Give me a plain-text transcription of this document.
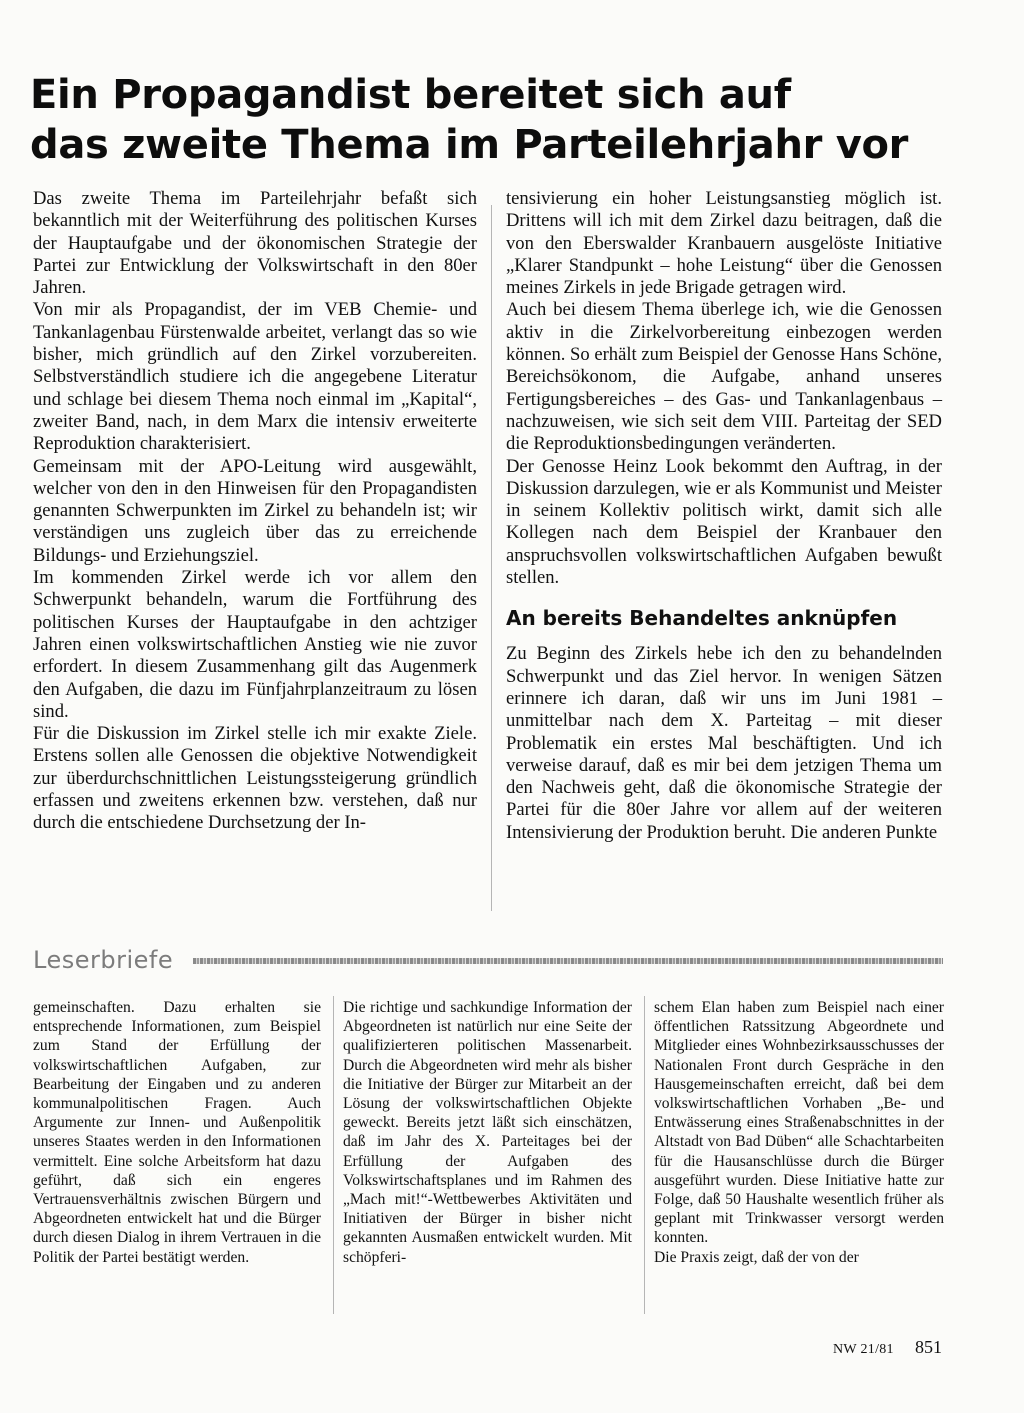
Ein Propagandist bereitet sich auf
das zweite Thema im Parteilehrjahr vor

Das zweite Thema im Parteilehrjahr befaßt sich bekanntlich mit der Weiterführung des politischen Kurses der Hauptaufgabe und der ökonomischen Strategie der Partei zur Entwicklung der Volkswirtschaft in den 80er Jahren.

Von mir als Propagandist, der im VEB Chemie- und Tankanlagenbau Fürstenwalde arbeitet, verlangt das so wie bisher, mich gründlich auf den Zirkel vorzubereiten. Selbstverständlich studiere ich die angegebene Literatur und schlage bei diesem Thema noch einmal im „Kapital“, zweiter Band, nach, in dem Marx die intensiv erweiterte Reproduktion charakterisiert.

Gemeinsam mit der APO-Leitung wird ausgewählt, welcher von den in den Hinweisen für den Propagandisten genannten Schwerpunkten im Zirkel zu behandeln ist; wir verständigen uns zugleich über das zu erreichende Bildungs- und Erziehungsziel.

Im kommenden Zirkel werde ich vor allem den Schwerpunkt behandeln, warum die Fortführung des politischen Kurses der Hauptaufgabe in den achtziger Jahren einen volkswirtschaftlichen Anstieg wie nie zuvor erfordert. In diesem Zusammenhang gilt das Augenmerk den Aufgaben, die dazu im Fünfjahrplanzeitraum zu lösen sind.

Für die Diskussion im Zirkel stelle ich mir exakte Ziele. Erstens sollen alle Genossen die objektive Notwendigkeit zur überdurchschnittlichen Leistungssteigerung gründlich erfassen und zweitens erkennen bzw. verstehen, daß nur durch die entschiedene Durchsetzung der In-

tensivierung ein hoher Leistungsanstieg möglich ist. Drittens will ich mit dem Zirkel dazu beitragen, daß die von den Eberswalder Kranbauern ausgelöste Initiative „Klarer Standpunkt – hohe Leistung“ über die Genossen meines Zirkels in jede Brigade getragen wird.

Auch bei diesem Thema überlege ich, wie die Genossen aktiv in die Zirkelvorbereitung einbezogen werden können. So erhält zum Beispiel der Genosse Hans Schöne, Bereichsökonom, die Aufgabe, anhand unseres Fertigungsbereiches – des Gas- und Tankanlagenbaus – nachzuweisen, wie sich seit dem VIII. Parteitag der SED die Reproduktionsbedingungen veränderten.

Der Genosse Heinz Look bekommt den Auftrag, in der Diskussion darzulegen, wie er als Kommunist und Meister in seinem Kollektiv politisch wirkt, damit sich alle Kollegen nach dem Beispiel der Kranbauer den anspruchsvollen volkswirtschaftlichen Aufgaben bewußt stellen.

An bereits Behandeltes anknüpfen

Zu Beginn des Zirkels hebe ich den zu behandelnden Schwerpunkt und das Ziel hervor. In wenigen Sätzen erinnere ich daran, daß wir uns im Juni 1981 – unmittelbar nach dem X. Parteitag – mit dieser Problematik ein erstes Mal beschäftigten. Und ich verweise darauf, daß es mir bei dem jetzigen Thema um den Nachweis geht, daß die ökonomische Strategie der Partei für die 80er Jahre vor allem auf der weiteren Intensivierung der Produktion beruht. Die anderen Punkte

Leserbriefe

gemeinschaften. Dazu erhalten sie entsprechende Informationen, zum Beispiel zum Stand der Erfüllung der volkswirtschaftlichen Aufgaben, zur Bearbeitung der Eingaben und zu anderen kommunalpolitischen Fragen. Auch Argumente zur Innen- und Außenpolitik unseres Staates werden in den Informationen vermittelt. Eine solche Arbeitsform hat dazu geführt, daß sich ein engeres Vertrauensverhältnis zwischen Bürgern und Abgeordneten entwickelt hat und die Bürger durch diesen Dialog in ihrem Vertrauen in die Politik der Partei bestätigt werden.

Die richtige und sachkundige Information der Abgeordneten ist natürlich nur eine Seite der qualifizierteren politischen Massenarbeit. Durch die Abgeordneten wird mehr als bisher die Initiative der Bürger zur Mitarbeit an der Lösung der volkswirtschaftlichen Objekte geweckt. Bereits jetzt läßt sich einschätzen, daß im Jahr des X. Parteitages bei der Erfüllung der Aufgaben des Volkswirtschaftsplanes und im Rahmen des „Mach mit!“-Wettbewerbes Aktivitäten und Initiativen der Bürger in bisher nicht gekannten Ausmaßen entwickelt wurden. Mit schöpferi-

schem Elan haben zum Beispiel nach einer öffentlichen Ratssitzung Abgeordnete und Mitglieder eines Wohnbezirksausschusses der Nationalen Front durch Gespräche in den Hausgemeinschaften erreicht, daß bei dem volkswirtschaftlichen Vorhaben „Be- und Entwässerung eines Straßenabschnittes in der Altstadt von Bad Düben“ alle Schachtarbeiten für die Hausanschlüsse durch die Bürger ausgeführt wurden. Diese Initiative hatte zur Folge, daß 50 Haushalte wesentlich früher als geplant mit Trinkwasser versorgt werden konnten.

Die Praxis zeigt, daß der von der

NW 21/81 851
